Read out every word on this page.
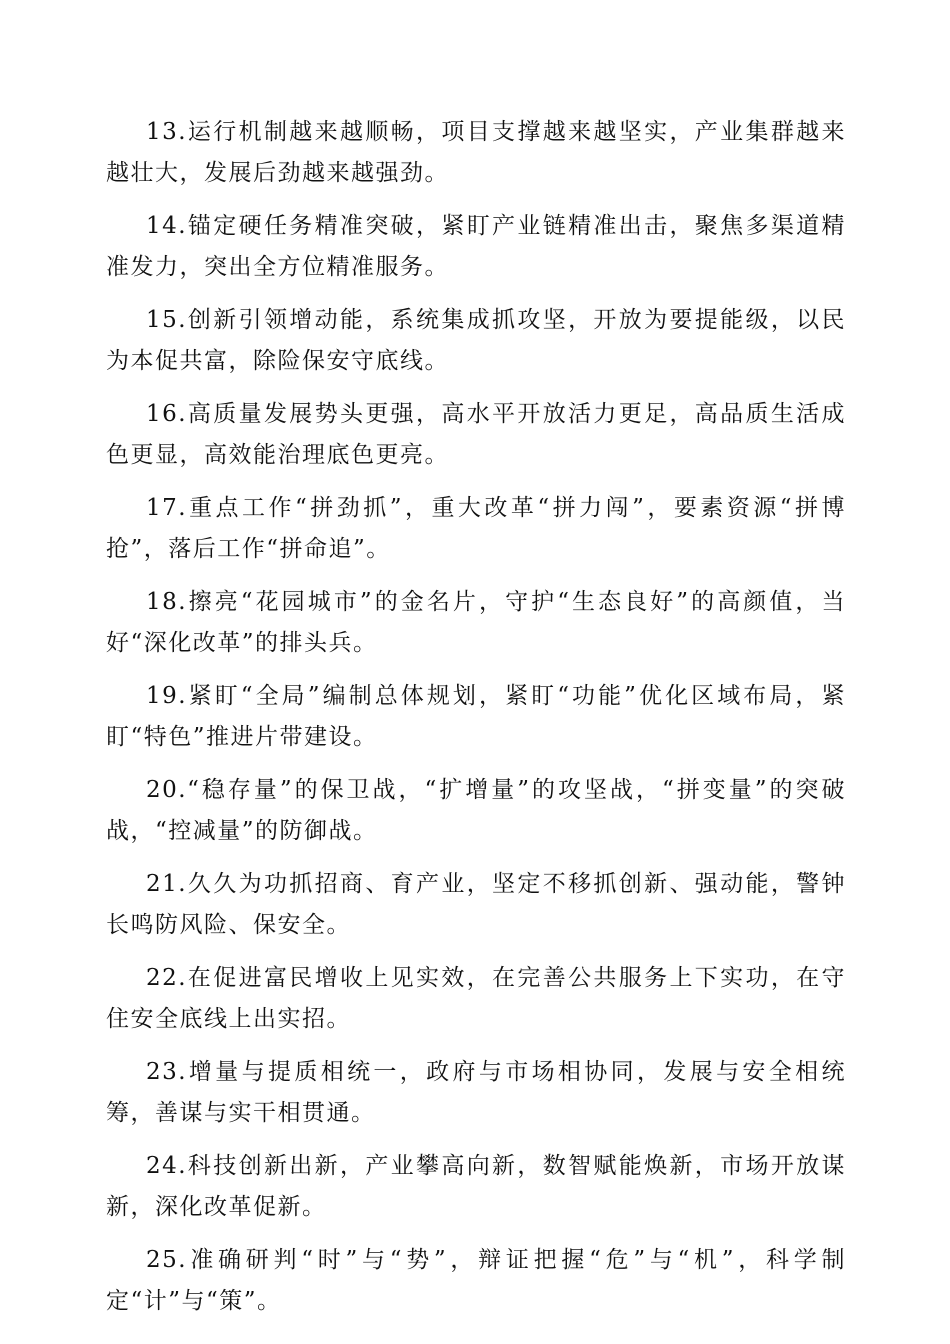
13.运行机制越来越顺畅，项目支撑越来越坚实，产业集群越来越壮大，发展后劲越来越强劲。

14.锚定硬任务精准突破，紧盯产业链精准出击，聚焦多渠道精准发力，突出全方位精准服务。

15.创新引领增动能，系统集成抓攻坚，开放为要提能级，以民为本促共富，除险保安守底线。

16.高质量发展势头更强，高水平开放活力更足，高品质生活成色更显，高效能治理底色更亮。

17.重点工作“拼劲抓”，重大改革“拼力闯”，要素资源“拼博抢”，落后工作“拼命追”。

18.擦亮“花园城市”的金名片，守护“生态良好”的高颜值，当好“深化改革”的排头兵。

19.紧盯“全局”编制总体规划，紧盯“功能”优化区域布局，紧盯“特色”推进片带建设。

20.“稳存量”的保卫战，“扩增量”的攻坚战，“拼变量”的突破战，“控减量”的防御战。

21.久久为功抓招商、育产业，坚定不移抓创新、强动能，警钟长鸣防风险、保安全。

22.在促进富民增收上见实效，在完善公共服务上下实功，在守住安全底线上出实招。

23.增量与提质相统一，政府与市场相协同，发展与安全相统筹，善谋与实干相贯通。

24.科技创新出新，产业攀高向新，数智赋能焕新，市场开放谋新，深化改革促新。

25.准确研判“时”与“势”，辩证把握“危”与“机”，科学制定“计”与“策”。
